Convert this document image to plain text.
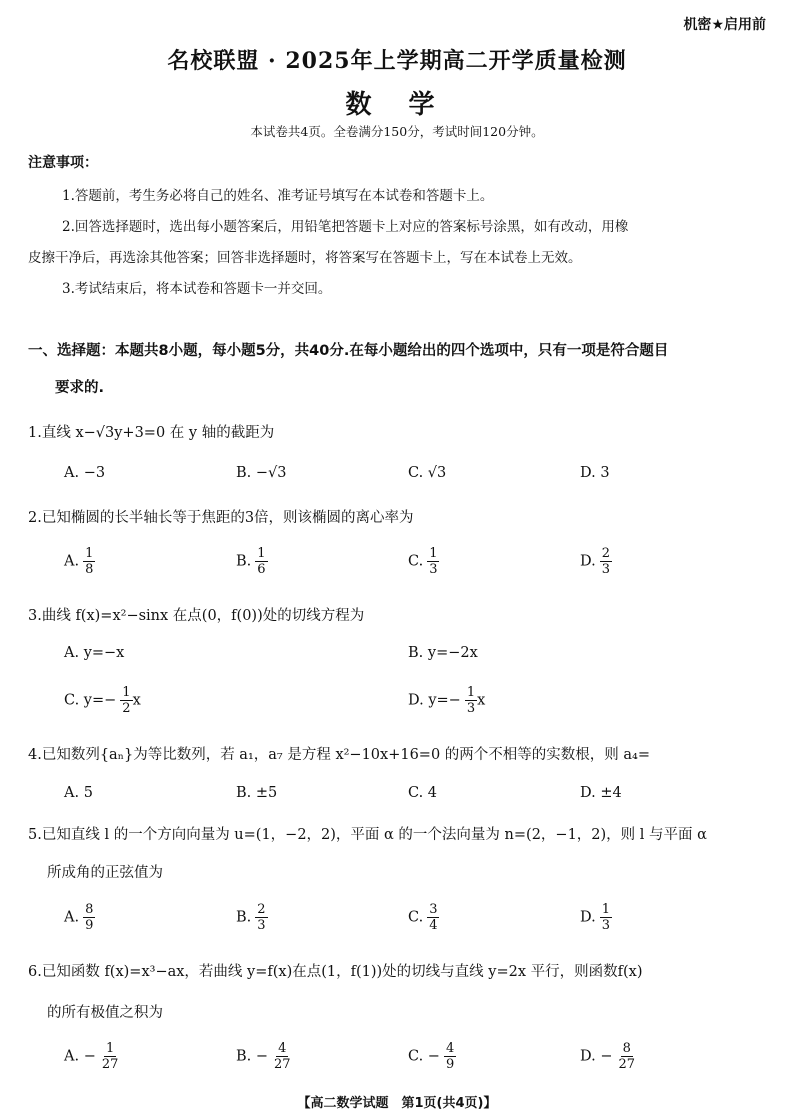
机密★启用前
名校联盟 · 2025年上学期高二开学质量检测
数 学
本试卷共4页。全卷满分150分，考试时间120分钟。
注意事项：
1.答题前，考生务必将自己的姓名、准考证号填写在本试卷和答题卡上。
2.回答选择题时，选出每小题答案后，用铅笔把答题卡上对应的答案标号涂黑，如有改动，用橡
皮擦干净后，再选涂其他答案；回答非选择题时，将答案写在答题卡上，写在本试卷上无效。
3.考试结束后，将本试卷和答题卡一并交回。
一、选择题：本题共8小题，每小题5分，共40分.在每小题给出的四个选项中，只有一项是符合题目
要求的.
1.直线 x−√3y+3=0 在 y 轴的截距为
A. −3	B. −√3	C. √3	D. 3
2.已知椭圆的长半轴长等于焦距的3倍，则该椭圆的离心率为
A. $\frac{1}{8}$	B. $\frac{1}{6}$	C. $\frac{1}{3}$	D. $\frac{2}{3}$
3.曲线 f(x)=x²−sinx 在点(0，f(0))处的切线方程为
A. y=−x	B. y=−2x
C. $y=- \frac{1}{2}$ x	D. $y=- \frac{1}{3}$ x
4.已知数列{aₙ}为等比数列，若 a₁，a₇ 是方程 x²−10x+16=0 的两个不相等的实数根，则 a₄=
A. 5	B. ±5	C. 4	D. ±4
5.已知直线 l 的一个方向向量为 u=(1，−2，2)，平面 α 的一个法向量为 n=(2，−1，2)，则 l 与平面 α
所成角的正弦值为
A. $\frac{8}{9}$	B. $\frac{2}{3}$	C. $\frac{3}{4}$	D. $\frac{1}{3}$
6.已知函数 f(x)=x³−ax，若曲线 y=f(x)在点(1，f(1))处的切线与直线 y=2x 平行，则函数f(x)
的所有极值之积为
A. − $\frac{1}{27}$	B. − $\frac{4}{27}$	C. − $\frac{4}{9}$	D. − $\frac{8}{27}$
【高二数学试题　第1页(共4页)】
